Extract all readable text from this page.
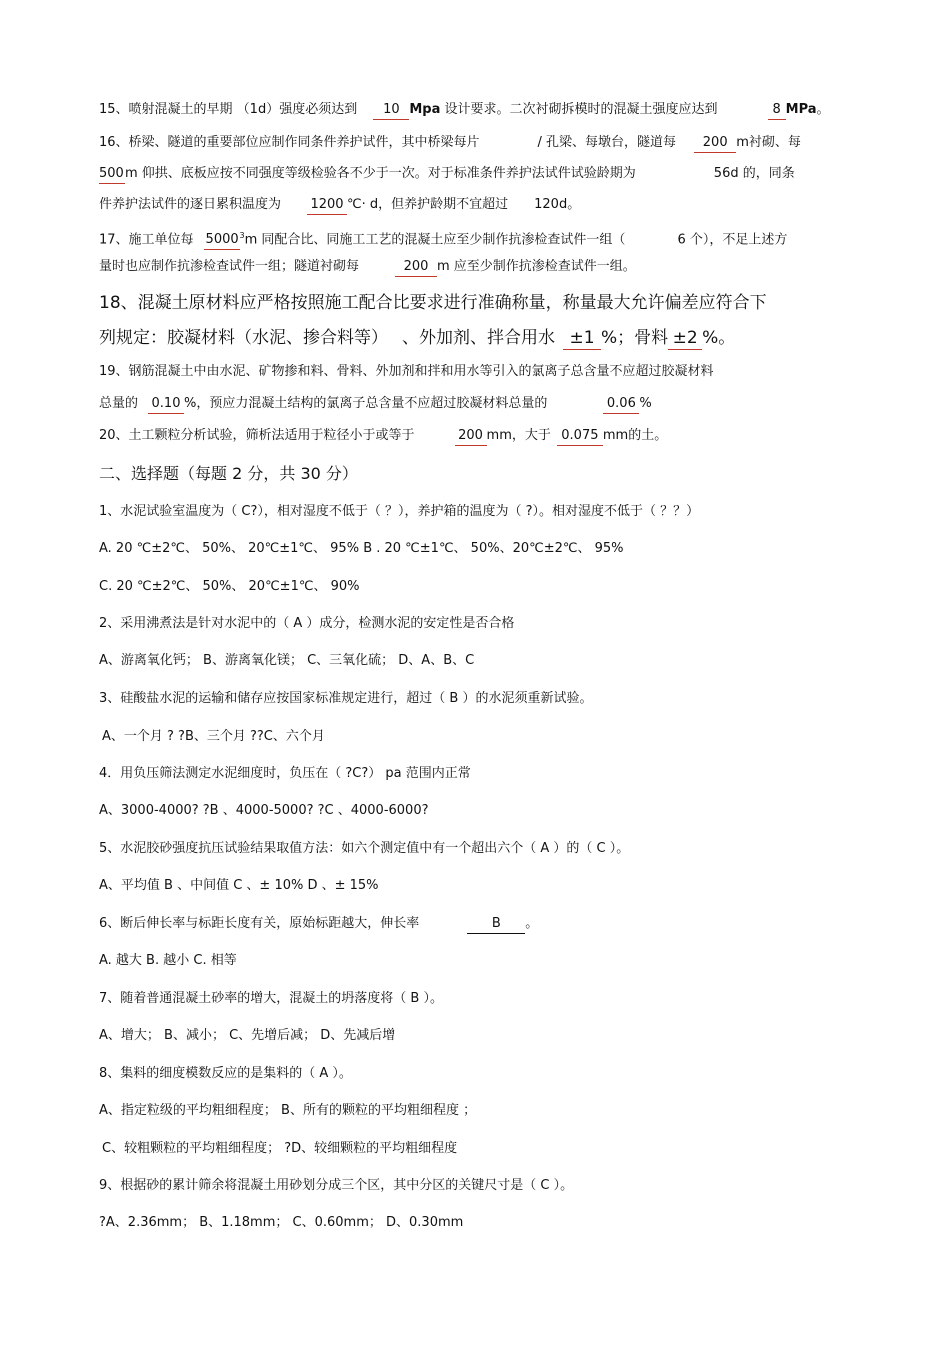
15、喷射混凝土的早期 （1d）强度必须达到 10 Mpa 设计要求。二次衬砌拆模时的混凝土强度应达到	8 MPa。
16、桥梁、隧道的重要部位应制作同条件养护试件，其中桥梁每片	/ 孔梁、每墩台，隧道每 200 m衬砌、每
500m 仰拱、底板应按不同强度等级检验各不少于一次。对于标准条件养护法试件试验龄期为	56d 的，同条
件养护法试件的逐日累积温度为 1200 ℃· d，但养护龄期不宜超过 120d。
17、施工单位每 5000$^3$m 同配合比、同施工工艺的混凝土应至少制作抗渗检查试件一组（	6 个），不足上述方
量时也应制作抗渗检查试件一组；隧道衬砌每	200 m 应至少制作抗渗检查试件一组。
18、混凝土原材料应严格按照施工配合比要求进行准确称量，称量最大允许偏差应符合下
列规定：胶凝材料（水泥、掺合料等） 、外加剂、拌合用水 ±1 %；骨料 ±2 %。
19、钢筋混凝土中由水泥、矿物掺和料、骨料、外加剂和拌和用水等引入的氯离子总含量不应超过胶凝材料
总量的 0.10 %，预应力混凝土结构的氯离子总含量不应超过胶凝材料总量的	0.06 %
20、土工颗粒分析试验，筛析法适用于粒径小于或等于	200 mm，大于 0.075 mm的土。
二、选择题（每题 2 分，共 30 分）
1、水泥试验室温度为（ C?），相对湿度不低于（ ？），养护箱的温度为（ ?）。相对湿度不低于（ ？？）
A. 20 ℃±2℃、 50%、 20℃±1℃、 95% B . 20 ℃±1℃、 50%、20℃±2℃、 95%
C. 20 ℃±2℃、 50%、 20℃±1℃、 90%
2、采用沸煮法是针对水泥中的（ A ）成分，检测水泥的安定性是否合格
A、游离氧化钙； B、游离氧化镁； C、三氧化硫； D、A、B、C
3、硅酸盐水泥的运输和储存应按国家标准规定进行，超过（ B ）的水泥须重新试验。
A、一个月 ? ?B、三个月 ??C、六个月
4．用负压筛法测定水泥细度时，负压在（ ?C?） pa 范围内正常
A、3000-4000? ?B 、4000-5000? ?C 、4000-6000?
5、水泥胶砂强度抗压试验结果取值方法：如六个测定值中有一个超出六个（ A ）的（ C ）。
A、平均值 B 、中间值 C 、± 10% D 、± 15%
6、断后伸长率与标距长度有关，原始标距越大，伸长率	B 。
A. 越大 B. 越小 C. 相等
7、随着普通混凝土砂率的增大，混凝土的坍落度将（ B ）。
A、增大； B、减小； C、先增后减； D、先减后增
8、集料的细度模数反应的是集料的（ A ）。
A、指定粒级的平均粗细程度； B、所有的颗粒的平均粗细程度 ；
C、较粗颗粒的平均粗细程度； ?D、较细颗粒的平均粗细程度
9、根据砂的累计筛余将混凝土用砂划分成三个区，其中分区的关键尺寸是（ C ）。
?A、2.36mm； B、1.18mm； C、0.60mm； D、0.30mm
